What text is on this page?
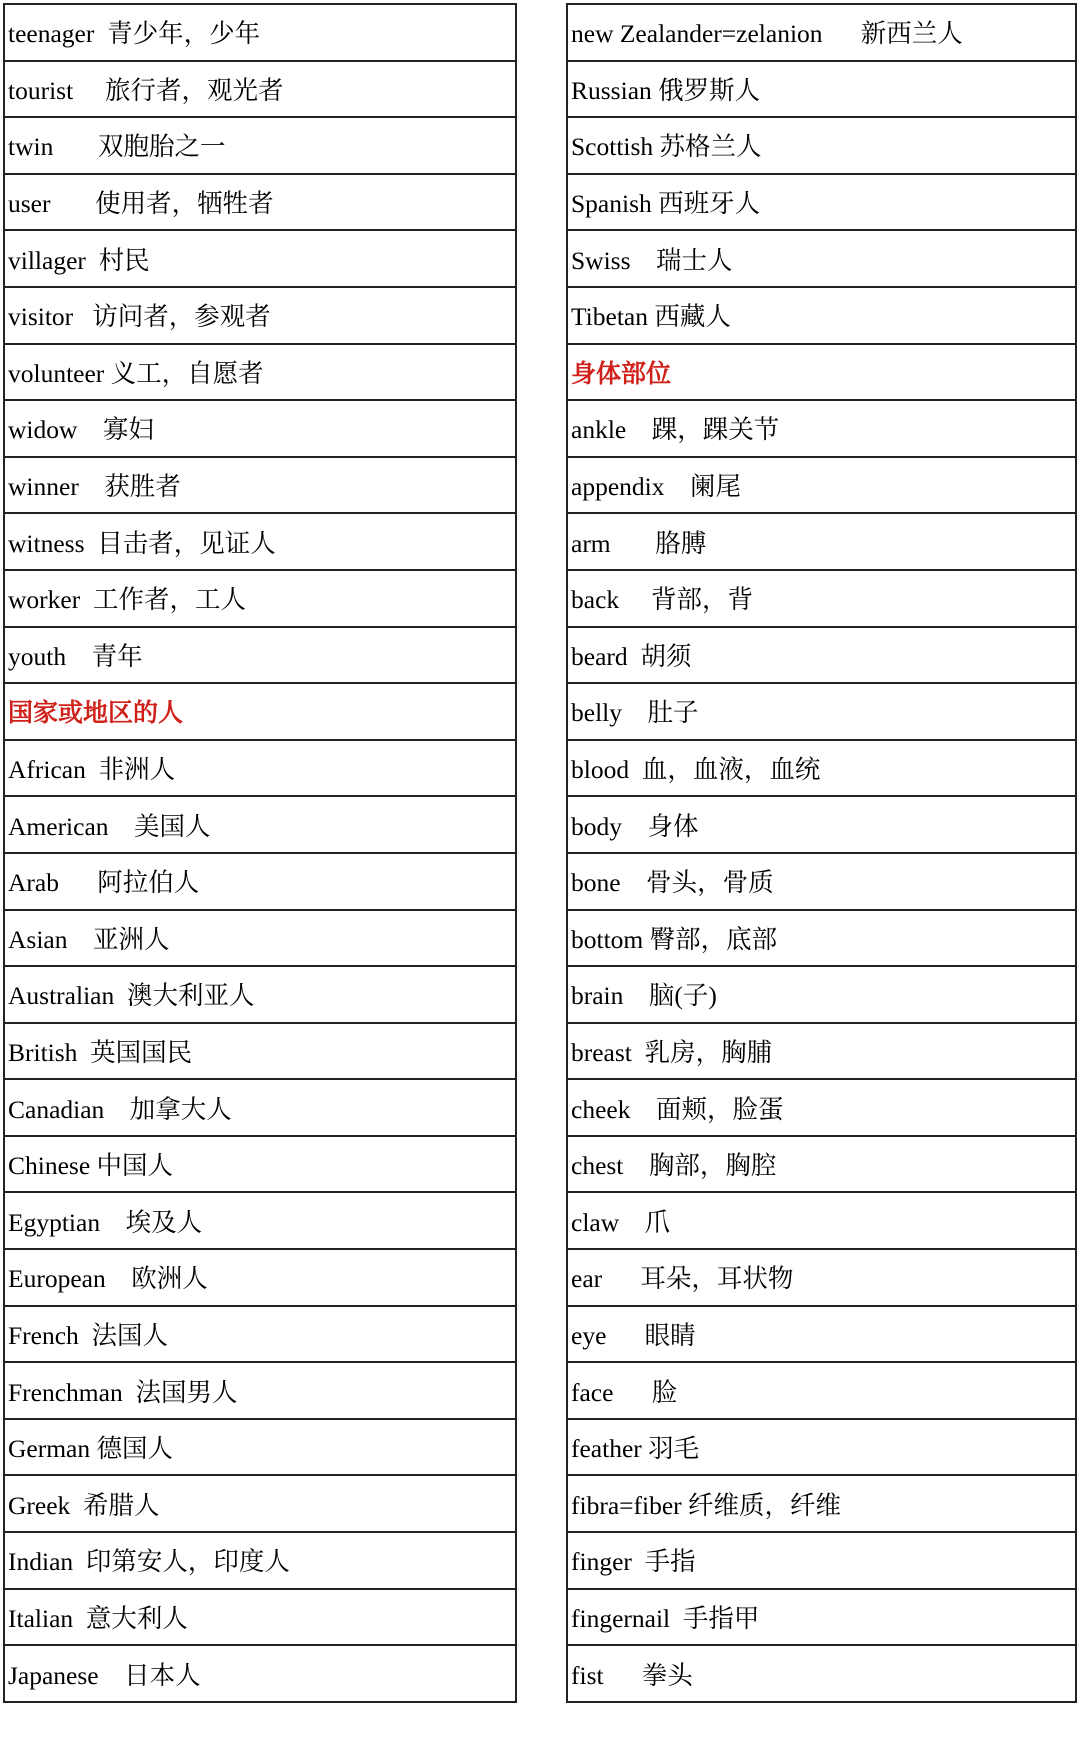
teenager  青少年，少年
tourist     旅行者，观光者
twin       双胞胎之一
user       使用者，牺牲者
villager  村民
visitor   访问者，参观者
volunteer 义工，自愿者
widow    寡妇
winner    获胜者
witness  目击者，见证人
worker  工作者，工人
youth    青年
国家或地区的人
African  非洲人
American    美国人
Arab      阿拉伯人
Asian    亚洲人
Australian  澳大利亚人
British  英国国民
Canadian    加拿大人
Chinese 中国人
Egyptian    埃及人
European    欧洲人
French  法国人
Frenchman  法国男人
German 德国人
Greek  希腊人
Indian  印第安人，印度人
Italian  意大利人
Japanese    日本人
new Zealander=zelanion      新西兰人
Russian 俄罗斯人
Scottish 苏格兰人
Spanish 西班牙人
Swiss    瑞士人
Tibetan 西藏人
身体部位
ankle    踝，踝关节
appendix    阑尾
arm       胳膊
back     背部，背
beard  胡须
belly    肚子
blood  血，血液，血统
body    身体
bone    骨头，骨质
bottom 臀部，底部
brain    脑(子)
breast  乳房，胸脯
cheek    面颊，脸蛋
chest    胸部，胸腔
claw    爪
ear      耳朵，耳状物
eye      眼睛
face      脸
feather 羽毛
fibra=fiber 纤维质，纤维
finger  手指
fingernail  手指甲
fist      拳头
